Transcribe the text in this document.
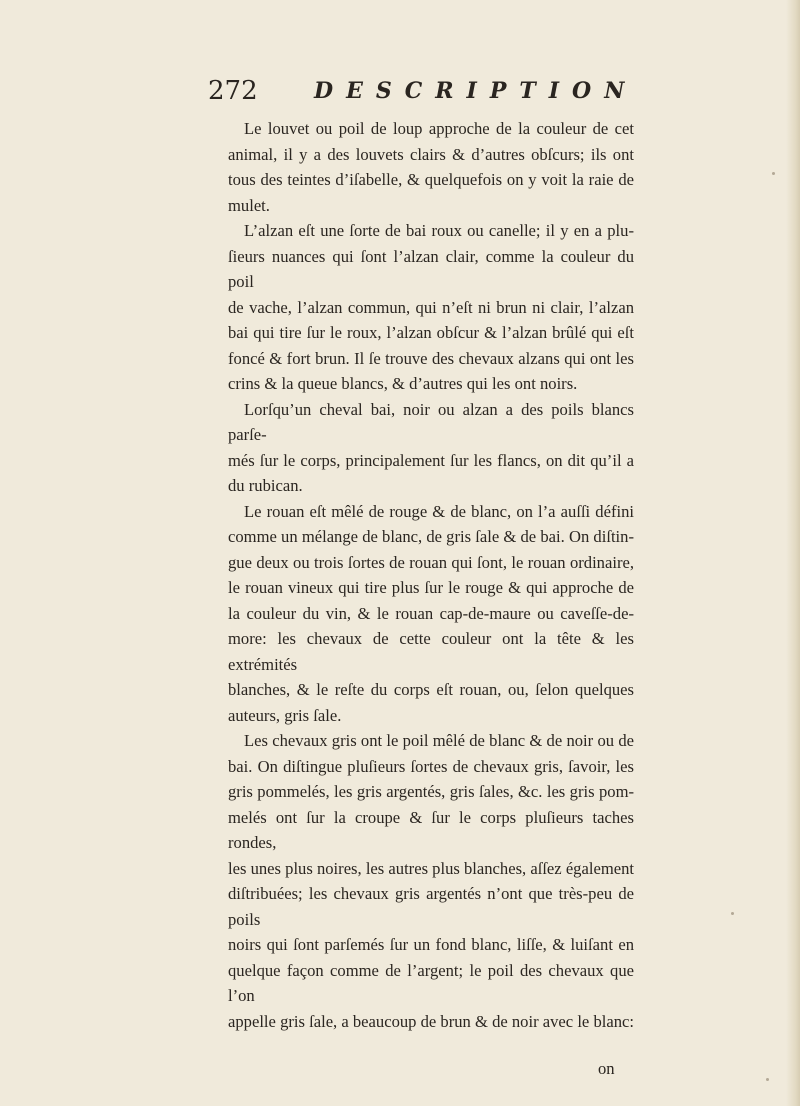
272	DESCRIPTION

Le louvet ou poil de loup approche de la couleur de cet
animal, il y a des louvets clairs & d’autres obſcurs; ils ont
tous des teintes d’iſabelle, & quelquefois on y voit la raie de
mulet.

L’alzan eſt une ſorte de bai roux ou canelle; il y en a plu-
ſieurs nuances qui ſont l’alzan clair, comme la couleur du poil
de vache, l’alzan commun, qui n’eſt ni brun ni clair, l’alzan
bai qui tire ſur le roux, l’alzan obſcur & l’alzan brûlé qui eſt
foncé & fort brun. Il ſe trouve des chevaux alzans qui ont les
crins & la queue blancs, & d’autres qui les ont noirs.

Lorſqu’un cheval bai, noir ou alzan a des poils blancs parſe-
més ſur le corps, principalement ſur les flancs, on dit qu’il a
du rubican.

Le rouan eſt mêlé de rouge & de blanc, on l’a auſſi défini
comme un mélange de blanc, de gris ſale & de bai. On diſtin-
gue deux ou trois ſortes de rouan qui ſont, le rouan ordinaire,
le rouan vineux qui tire plus ſur le rouge & qui approche de
la couleur du vin, & le rouan cap-de-maure ou caveſſe-de-
more: les chevaux de cette couleur ont la tête & les extrémités
blanches, & le reſte du corps eſt rouan, ou, ſelon quelques
auteurs, gris ſale.

Les chevaux gris ont le poil mêlé de blanc & de noir ou de
bai. On diſtingue pluſieurs ſortes de chevaux gris, ſavoir, les
gris pommelés, les gris argentés, gris ſales, &c. les gris pom-
melés ont ſur la croupe & ſur le corps pluſieurs taches rondes,
les unes plus noires, les autres plus blanches, aſſez également
diſtribuées; les chevaux gris argentés n’ont que très-peu de poils
noirs qui ſont parſemés ſur un fond blanc, liſſe, & luiſant en
quelque façon comme de l’argent; le poil des chevaux que l’on
appelle gris ſale, a beaucoup de brun & de noir avec le blanc:

on
